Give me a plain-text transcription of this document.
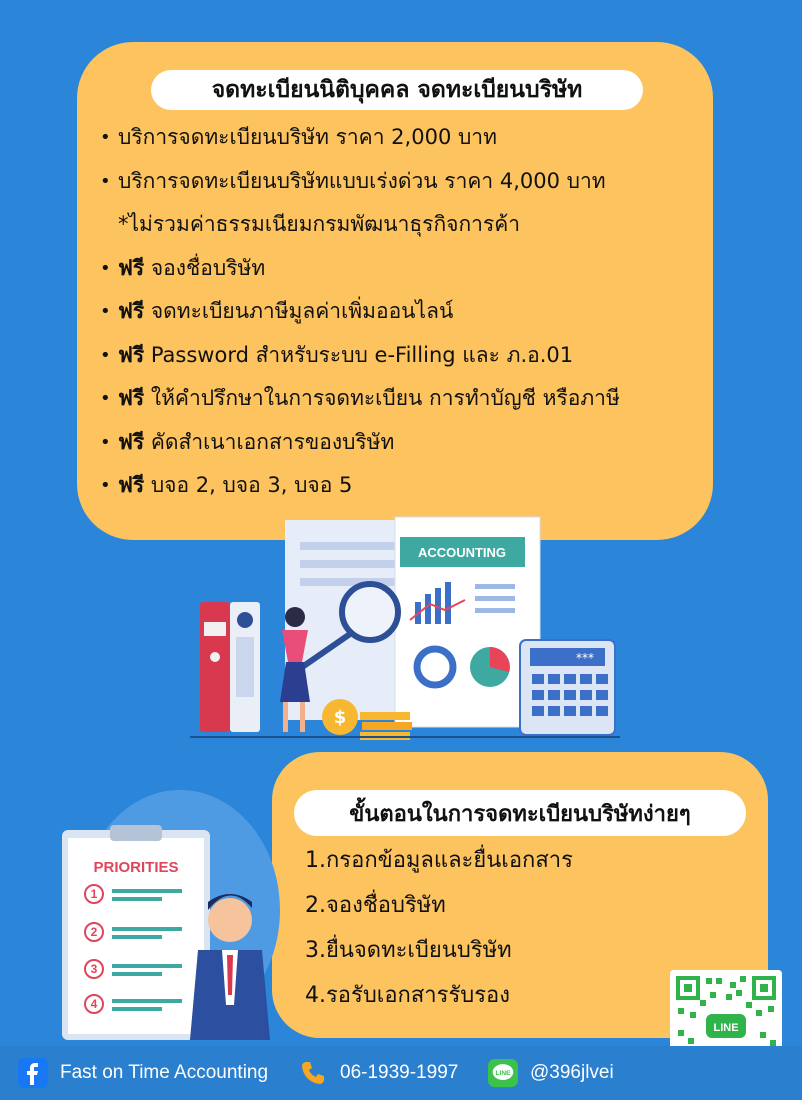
จดทะเบียนนิติบุคคล จดทะเบียนบริษัท
• บริการจดทะเบียนบริษัท ราคา 2,000 บาท
• บริการจดทะเบียนบริษัทแบบเร่งด่วน ราคา 4,000 บาท
*ไม่รวมค่าธรรมเนียมกรมพัฒนาธุรกิจการค้า
• ฟรี จองชื่อบริษัท
• ฟรี จดทะเบียนภาษีมูลค่าเพิ่มออนไลน์
• ฟรี Password สำหรับระบบ e-Filling และ ภ.อ.01
• ฟรี ให้คำปรึกษาในการจดทะเบียน การทำบัญชี หรือภาษี
• ฟรี คัดสำเนาเอกสารของบริษัท
• ฟรี บจอ 2, บจอ 3, บจอ 5
ACCOUNTING
$
***
ขั้นตอนในการจดทะเบียนบริษัทง่ายๆ
1.กรอกข้อมูลและยื่นเอกสาร
2.จองชื่อบริษัท
3.ยื่นจดทะเบียนบริษัท
4.รอรับเอกสารรับรอง
PRIORITIES
1
2
3
4
LINE
Fast on Time Accounting	06-1939-1997	LINE @396jlvei
